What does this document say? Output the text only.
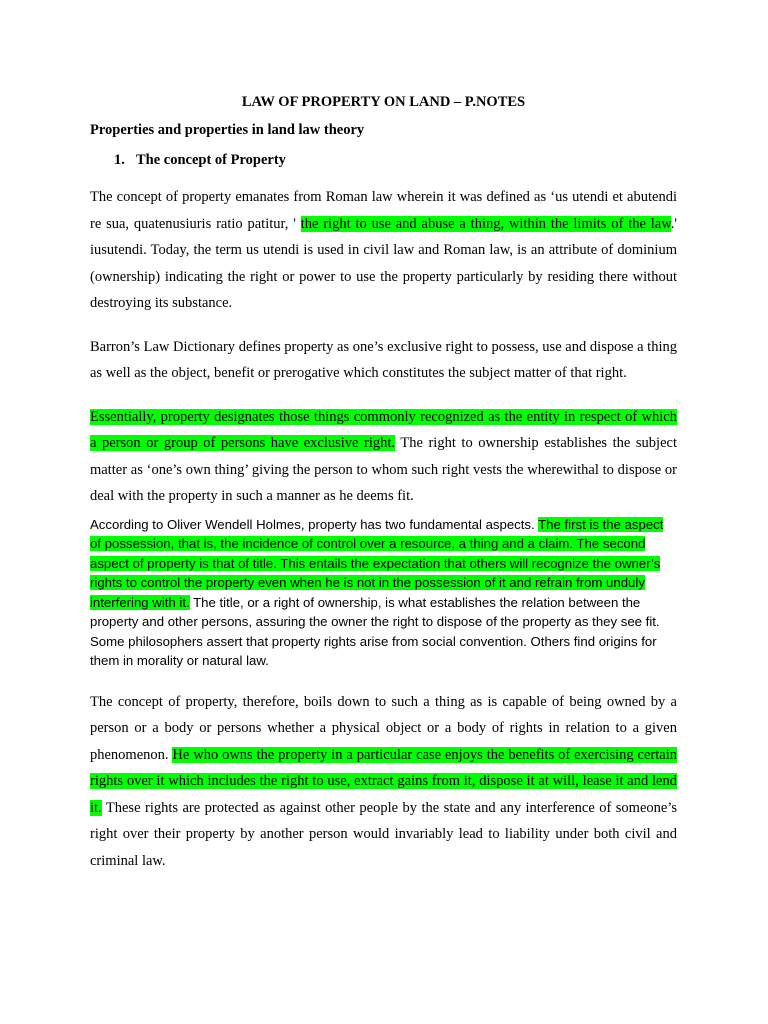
LAW OF PROPERTY ON LAND – P.NOTES
Properties and properties in land law theory
1. The concept of Property

The concept of property emanates from Roman law wherein it was defined as ‘us utendi et abutendi re sua, quatenusiuris ratio patitur, ' the right to use and abuse a thing, within the limits of the law.' iusutendi. Today, the term us utendi is used in civil law and Roman law, is an attribute of dominium (ownership) indicating the right or power to use the property particularly by residing there without destroying its substance.

Barron’s Law Dictionary defines property as one’s exclusive right to possess, use and dispose a thing as well as the object, benefit or prerogative which constitutes the subject matter of that right.

Essentially, property designates those things commonly recognized as the entity in respect of which a person or group of persons have exclusive right. The right to ownership establishes the subject matter as ‘one’s own thing’ giving the person to whom such right vests the wherewithal to dispose or deal with the property in such a manner as he deems fit.

According to Oliver Wendell Holmes, property has two fundamental aspects. The first is the aspect of possession, that is, the incidence of control over a resource, a thing and a claim. The second aspect of property is that of title. This entails the expectation that others will recognize the owner’s rights to control the property even when he is not in the possession of it and refrain from unduly interfering with it. The title, or a right of ownership, is what establishes the relation between the property and other persons, assuring the owner the right to dispose of the property as they see fit. Some philosophers assert that property rights arise from social convention. Others find origins for them in morality or natural law.

The concept of property, therefore, boils down to such a thing as is capable of being owned by a person or a body or persons whether a physical object or a body of rights in relation to a given phenomenon. He who owns the property in a particular case enjoys the benefits of exercising certain rights over it which includes the right to use, extract gains from it, dispose it at will, lease it and lend it. These rights are protected as against other people by the state and any interference of someone’s right over their property by another person would invariably lead to liability under both civil and criminal law.
